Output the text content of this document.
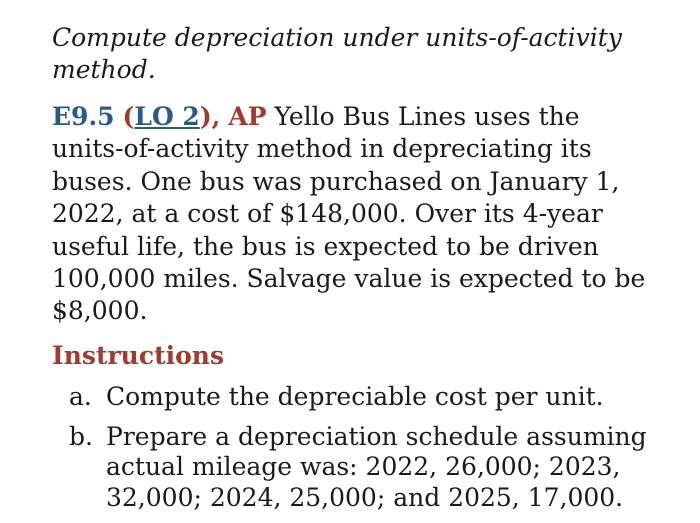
Compute depreciation under units-of-activity method.

E9.5 (LO 2), AP Yello Bus Lines uses the units-of-activity method in depreciating its buses. One bus was purchased on January 1, 2022, at a cost of $148,000. Over its 4-year useful life, the bus is expected to be driven 100,000 miles. Salvage value is expected to be $8,000.

Instructions
a. Compute the depreciable cost per unit.
b. Prepare a depreciation schedule assuming actual mileage was: 2022, 26,000; 2023, 32,000; 2024, 25,000; and 2025, 17,000.
